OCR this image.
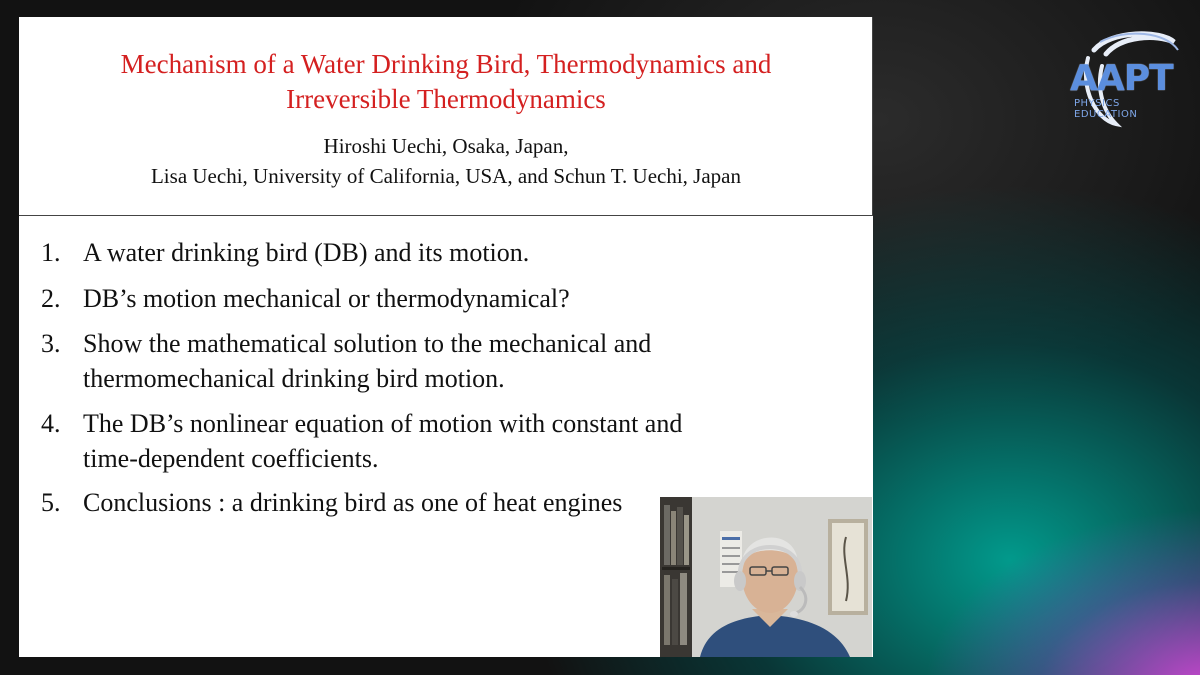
Mechanism of a Water Drinking Bird, Thermodynamics and
Irreversible Thermodynamics
Hiroshi Uechi, Osaka, Japan,
Lisa Uechi, University of California, USA, and Schun T. Uechi, Japan
1. A water drinking bird (DB) and its motion.
2. DB’s motion mechanical or thermodynamical?
3. Show the mathematical solution to the mechanical and
thermomechanical drinking bird motion.
4. The DB’s nonlinear equation of motion with constant and
time-dependent coefficients.
5. Conclusions : a drinking bird as one of heat engines
AAPT
PHYSICS EDUCATION
